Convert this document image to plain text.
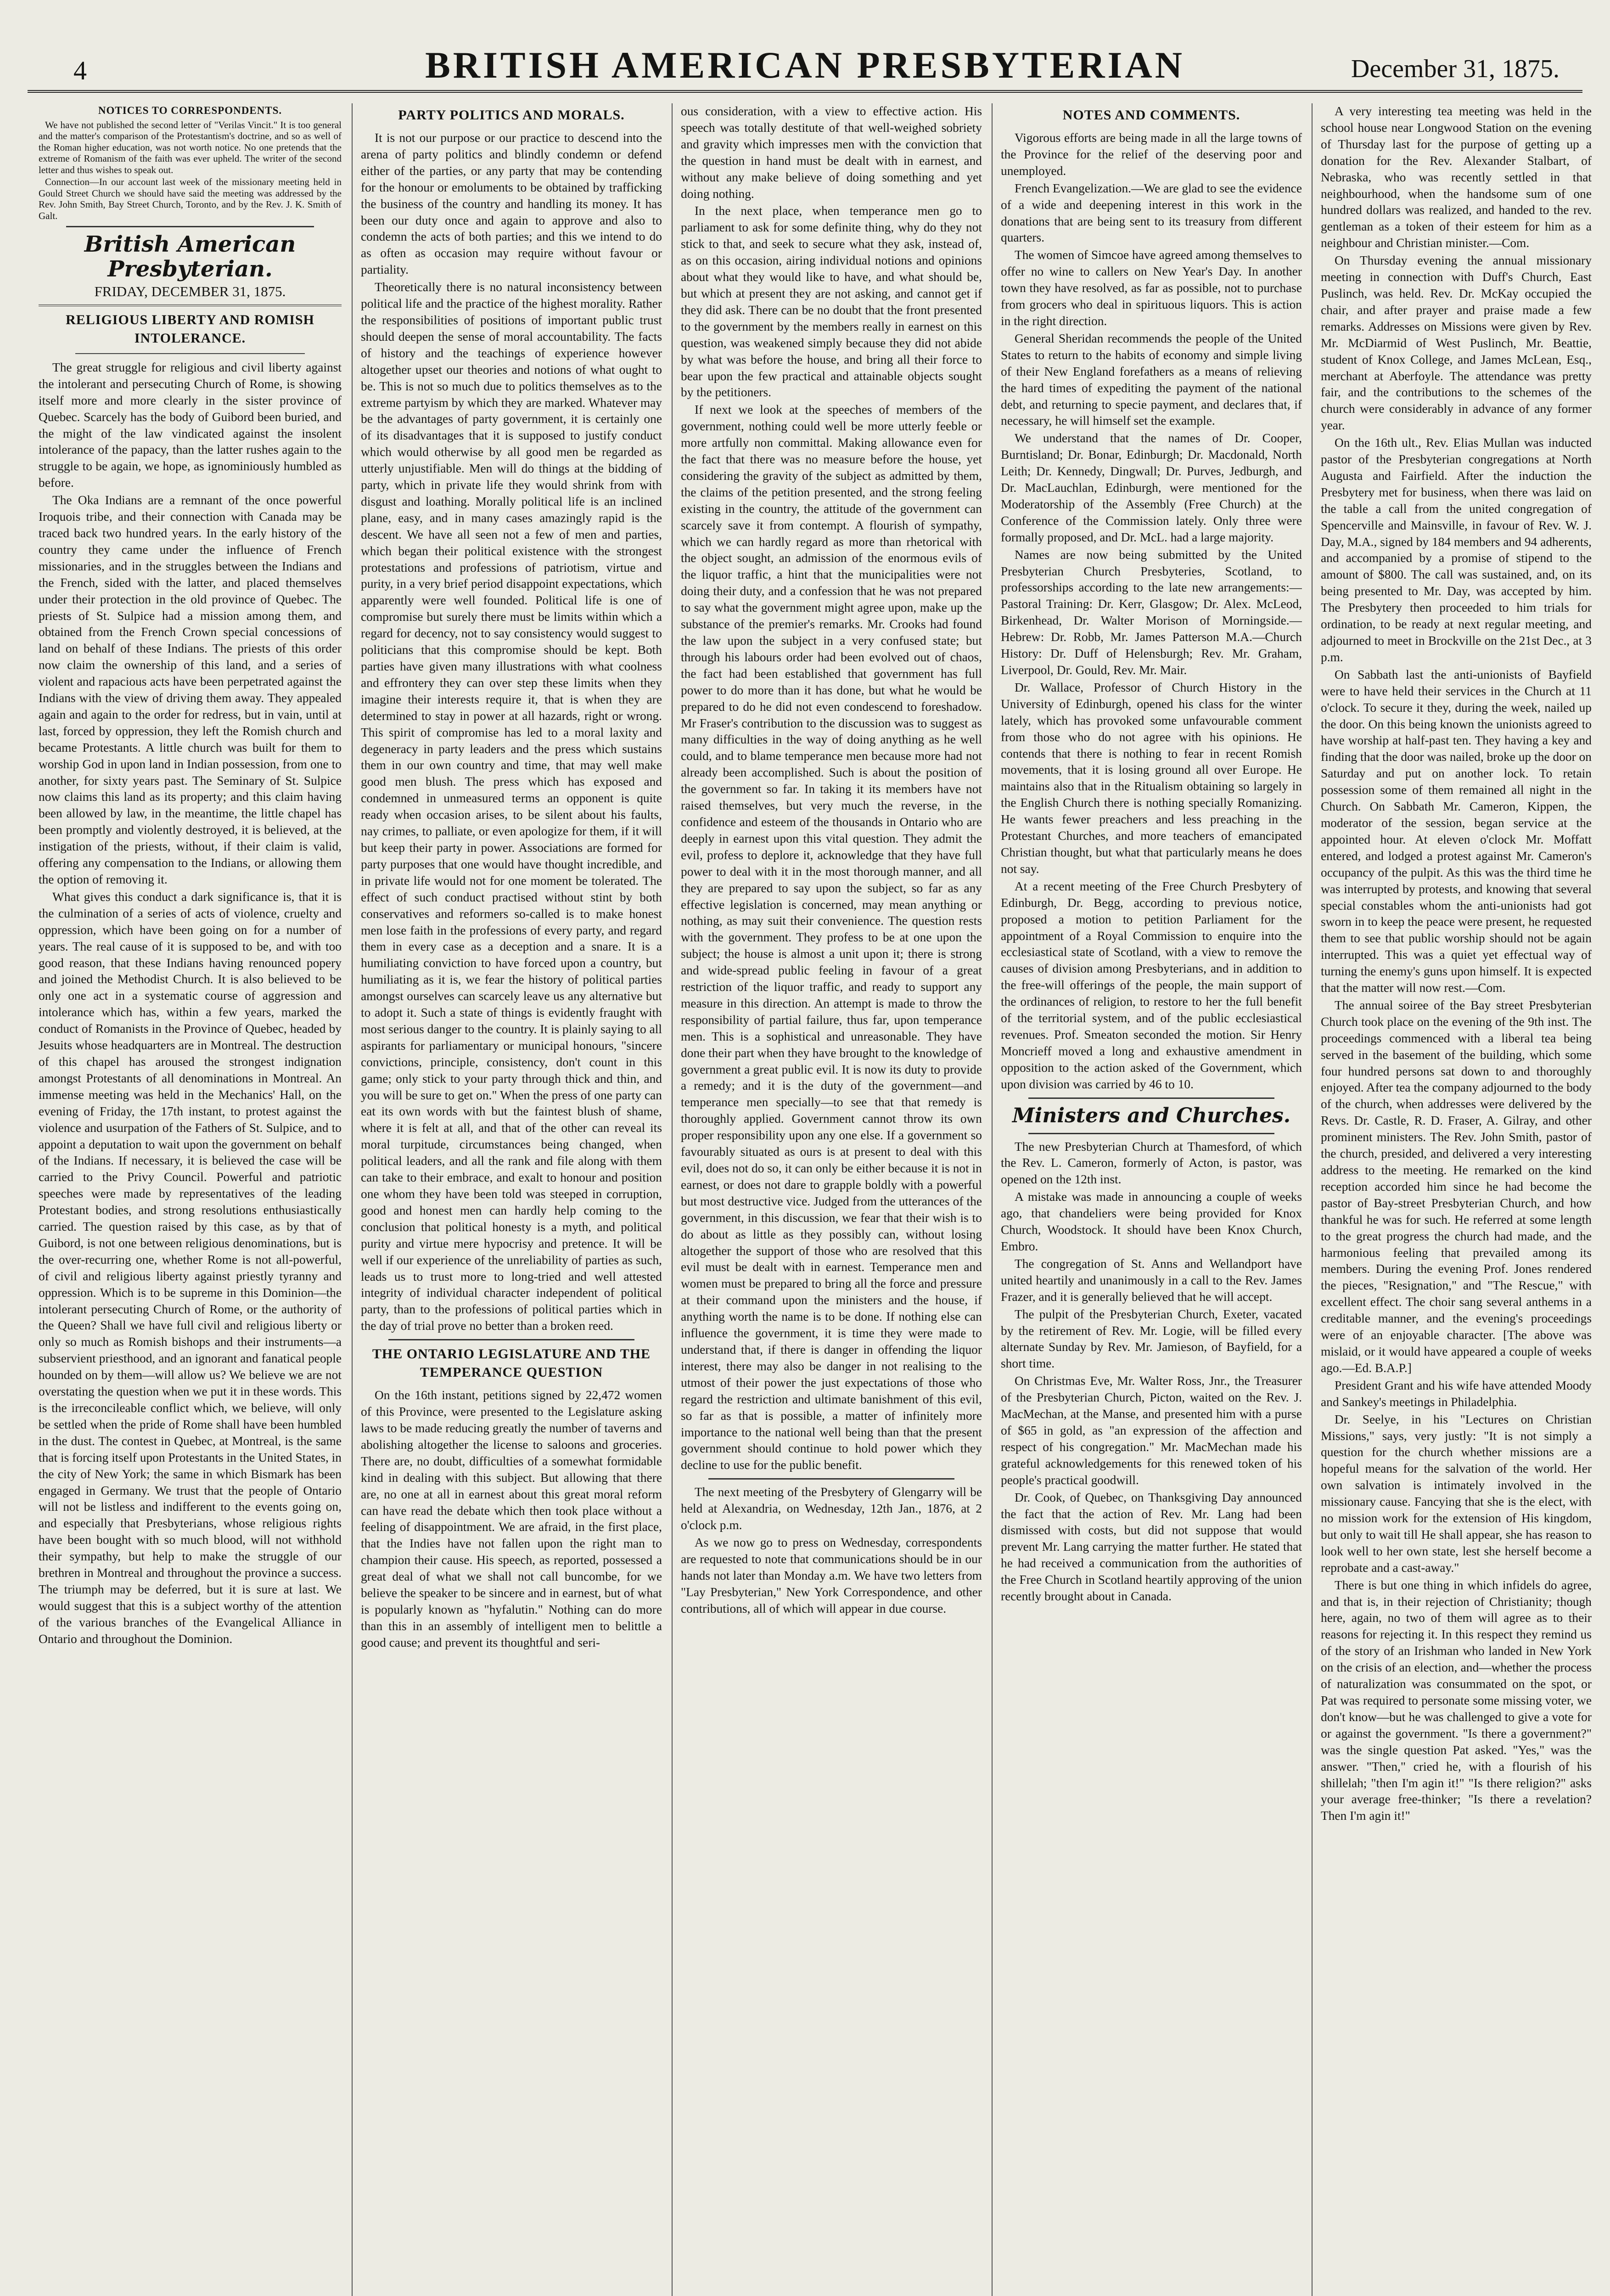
4	BRITISH AMERICAN PRESBYTERIAN	December 31, 1875.
NOTICES TO CORRESPONDENTS.

We have not published the second letter of "Verilas Vincit." It is too general and the matter's comparison of the Protestantism's doctrine, and so as well of the Roman higher education, was not worth notice. No one pretends that the extreme of Romanism of the faith was ever upheld. The writer of the second letter and thus wishes to speak out.

Connection—In our account last week of the missionary meeting held in Gould Street Church we should have said the meeting was addressed by the Rev. John Smith, Bay Street Church, Toronto, and by the Rev. J. K. Smith of Galt.

British American Presbyterian.
FRIDAY, DECEMBER 31, 1875.
RELIGIOUS LIBERTY AND ROMISH INTOLERANCE.

The great struggle for religious and civil liberty against the intolerant and persecuting Church of Rome, is showing itself more and more clearly in the sister province of Quebec. Scarcely has the body of Guibord been buried, and the might of the law vindicated against the insolent intolerance of the papacy, than the latter rushes again to the struggle to be again, we hope, as ignominiously humbled as before.

The Oka Indians are a remnant of the once powerful Iroquois tribe, and their connection with Canada may be traced back two hundred years. In the early history of the country they came under the influence of French missionaries, and in the struggles between the Indians and the French, sided with the latter, and placed themselves under their protection in the old province of Quebec. The priests of St. Sulpice had a mission among them, and obtained from the French Crown special concessions of land on behalf of these Indians. The priests of this order now claim the ownership of this land, and a series of violent and rapacious acts have been perpetrated against the Indians with the view of driving them away. They appealed again and again to the order for redress, but in vain, until at last, forced by oppression, they left the Romish church and became Protestants. A little church was built for them to worship God in upon land in Indian possession, from one to another, for sixty years past. The Seminary of St. Sulpice now claims this land as its property; and this claim having been allowed by law, in the meantime, the little chapel has been promptly and violently destroyed, it is believed, at the instigation of the priests, without, if their claim is valid, offering any compensation to the Indians, or allowing them the option of removing it.

What gives this conduct a dark significance is, that it is the culmination of a series of acts of violence, cruelty and oppression, which have been going on for a number of years. The real cause of it is supposed to be, and with too good reason, that these Indians having renounced popery and joined the Methodist Church. It is also believed to be only one act in a systematic course of aggression and intolerance which has, within a few years, marked the conduct of Romanists in the Province of Quebec, headed by Jesuits whose headquarters are in Montreal. The destruction of this chapel has aroused the strongest indignation amongst Protestants of all denominations in Montreal. An immense meeting was held in the Mechanics' Hall, on the evening of Friday, the 17th instant, to protest against the violence and usurpation of the Fathers of St. Sulpice, and to appoint a deputation to wait upon the government on behalf of the Indians. If necessary, it is believed the case will be carried to the Privy Council. Powerful and patriotic speeches were made by representatives of the leading Protestant bodies, and strong resolutions enthusiastically carried. The question raised by this case, as by that of Guibord, is not one between religious denominations, but is the over-recurring one, whether Rome is not all-powerful, of civil and religious liberty against priestly tyranny and oppression. Which is to be supreme in this Dominion—the intolerant persecuting Church of Rome, or the authority of the Queen? Shall we have full civil and religious liberty or only so much as Romish bishops and their instruments—a subservient priesthood, and an ignorant and fanatical people hounded on by them—will allow us? We believe we are not overstating the question when we put it in these words. This is the irreconcileable conflict which, we believe, will only be settled when the pride of Rome shall have been humbled in the dust. The contest in Quebec, at Montreal, is the same that is forcing itself upon Protestants in the United States, in the city of New York; the same in which Bismark has been engaged in Germany. We trust that the people of Ontario will not be listless and indifferent to the events going on, and especially that Presbyterians, whose religious rights have been bought with so much blood, will not withhold their sympathy, but help to make the struggle of our brethren in Montreal and throughout the province a success. The triumph may be deferred, but it is sure at last. We would suggest that this is a subject worthy of the attention of the various branches of the Evangelical Alliance in Ontario and throughout the Dominion.

PARTY POLITICS AND MORALS.

It is not our purpose or our practice to descend into the arena of party politics and blindly condemn or defend either of the parties, or any party that may be contending for the honour or emoluments to be obtained by trafficking the business of the country and handling its money. It has been our duty once and again to approve and also to condemn the acts of both parties; and this we intend to do as often as occasion may require without favour or partiality.

Theoretically there is no natural inconsistency between political life and the practice of the highest morality. Rather the responsibilities of positions of important public trust should deepen the sense of moral accountability. The facts of history and the teachings of experience however altogether upset our theories and notions of what ought to be. This is not so much due to politics themselves as to the extreme partyism by which they are marked. Whatever may be the advantages of party government, it is certainly one of its disadvantages that it is supposed to justify conduct which would otherwise by all good men be regarded as utterly unjustifiable. Men will do things at the bidding of party, which in private life they would shrink from with disgust and loathing. Morally political life is an inclined plane, easy, and in many cases amazingly rapid is the descent. We have all seen not a few of men and parties, which began their political existence with the strongest protestations and professions of patriotism, virtue and purity, in a very brief period disappoint expectations, which apparently were well founded. Political life is one of compromise but surely there must be limits within which a regard for decency, not to say consistency would suggest to politicians that this compromise should be kept. Both parties have given many illustrations with what coolness and effrontery they can over step these limits when they imagine their interests require it, that is when they are determined to stay in power at all hazards, right or wrong. This spirit of compromise has led to a moral laxity and degeneracy in party leaders and the press which sustains them in our own country and time, that may well make good men blush. The press which has exposed and condemned in unmeasured terms an opponent is quite ready when occasion arises, to be silent about his faults, nay crimes, to palliate, or even apologize for them, if it will but keep their party in power. Associations are formed for party purposes that one would have thought incredible, and in private life would not for one moment be tolerated. The effect of such conduct practised without stint by both conservatives and reformers so-called is to make honest men lose faith in the professions of every party, and regard them in every case as a deception and a snare. It is a humiliating conviction to have forced upon a country, but humiliating as it is, we fear the history of political parties amongst ourselves can scarcely leave us any alternative but to adopt it. Such a state of things is evidently fraught with most serious danger to the country. It is plainly saying to all aspirants for parliamentary or municipal honours, "sincere convictions, principle, consistency, don't count in this game; only stick to your party through thick and thin, and you will be sure to get on." When the press of one party can eat its own words with but the faintest blush of shame, where it is felt at all, and that of the other can reveal its moral turpitude, circumstances being changed, when political leaders, and all the rank and file along with them can take to their embrace, and exalt to honour and position one whom they have been told was steeped in corruption, good and honest men can hardly help coming to the conclusion that political honesty is a myth, and political purity and virtue mere hypocrisy and pretence. It will be well if our experience of the unreliability of parties as such, leads us to trust more to long-tried and well attested integrity of individual character independent of political party, than to the professions of political parties which in the day of trial prove no better than a broken reed.

THE ONTARIO LEGISLATURE AND THE TEMPERANCE QUESTION

On the 16th instant, petitions signed by 22,472 women of this Province, were presented to the Legislature asking laws to be made reducing greatly the number of taverns and abolishing altogether the license to saloons and groceries. There are, no doubt, difficulties of a somewhat formidable kind in dealing with this subject. But allowing that there are, no one at all in earnest about this great moral reform can have read the debate which then took place without a feeling of disappointment. We are afraid, in the first place, that the Indies have not fallen upon the right man to champion their cause. His speech, as reported, possessed a great deal of what we shall not call buncombe, for we believe the speaker to be sincere and in earnest, but of what is popularly known as "hyfalutin." Nothing can do more than this in an assembly of intelligent men to belittle a good cause; and prevent its thoughtful and seri-

ous consideration, with a view to effective action. His speech was totally destitute of that well-weighed sobriety and gravity which impresses men with the conviction that the question in hand must be dealt with in earnest, and without any make believe of doing something and yet doing nothing.

In the next place, when temperance men go to parliament to ask for some definite thing, why do they not stick to that, and seek to secure what they ask, instead of, as on this occasion, airing individual notions and opinions about what they would like to have, and what should be, but which at present they are not asking, and cannot get if they did ask. There can be no doubt that the front presented to the government by the members really in earnest on this question, was weakened simply because they did not abide by what was before the house, and bring all their force to bear upon the few practical and attainable objects sought by the petitioners.

If next we look at the speeches of members of the government, nothing could well be more utterly feeble or more artfully non committal. Making allowance even for the fact that there was no measure before the house, yet considering the gravity of the subject as admitted by them, the claims of the petition presented, and the strong feeling existing in the country, the attitude of the government can scarcely save it from contempt. A flourish of sympathy, which we can hardly regard as more than rhetorical with the object sought, an admission of the enormous evils of the liquor traffic, a hint that the municipalities were not doing their duty, and a confession that he was not prepared to say what the government might agree upon, make up the substance of the premier's remarks. Mr. Crooks had found the law upon the subject in a very confused state; but through his labours order had been evolved out of chaos, the fact had been established that government has full power to do more than it has done, but what he would be prepared to do he did not even condescend to foreshadow. Mr Fraser's contribution to the discussion was to suggest as many difficulties in the way of doing anything as he well could, and to blame temperance men because more had not already been accomplished. Such is about the position of the government so far. In taking it its members have not raised themselves, but very much the reverse, in the confidence and esteem of the thousands in Ontario who are deeply in earnest upon this vital question. They admit the evil, profess to deplore it, acknowledge that they have full power to deal with it in the most thorough manner, and all they are prepared to say upon the subject, so far as any effective legislation is concerned, may mean anything or nothing, as may suit their convenience. The question rests with the government. They profess to be at one upon the subject; the house is almost a unit upon it; there is strong and wide-spread public feeling in favour of a great restriction of the liquor traffic, and ready to support any measure in this direction. An attempt is made to throw the responsibility of partial failure, thus far, upon temperance men. This is a sophistical and unreasonable. They have done their part when they have brought to the knowledge of government a great public evil. It is now its duty to provide a remedy; and it is the duty of the government—and temperance men specially—to see that that remedy is thoroughly applied. Government cannot throw its own proper responsibility upon any one else. If a government so favourably situated as ours is at present to deal with this evil, does not do so, it can only be either because it is not in earnest, or does not dare to grapple boldly with a powerful but most destructive vice. Judged from the utterances of the government, in this discussion, we fear that their wish is to do about as little as they possibly can, without losing altogether the support of those who are resolved that this evil must be dealt with in earnest. Temperance men and women must be prepared to bring all the force and pressure at their command upon the ministers and the house, if anything worth the name is to be done. If nothing else can influence the government, it is time they were made to understand that, if there is danger in offending the liquor interest, there may also be danger in not realising to the utmost of their power the just expectations of those who regard the restriction and ultimate banishment of this evil, so far as that is possible, a matter of infinitely more importance to the national well being than that the present government should continue to hold power which they decline to use for the public benefit.

The next meeting of the Presbytery of Glengarry will be held at Alexandria, on Wednesday, 12th Jan., 1876, at 2 o'clock p.m.

As we now go to press on Wednesday, correspondents are requested to note that communications should be in our hands not later than Monday a.m. We have two letters from "Lay Presbyterian," New York Correspondence, and other contributions, all of which will appear in due course.

NOTES AND COMMENTS.

Vigorous efforts are being made in all the large towns of the Province for the relief of the deserving poor and unemployed.

French Evangelization.—We are glad to see the evidence of a wide and deepening interest in this work in the donations that are being sent to its treasury from different quarters.

The women of Simcoe have agreed among themselves to offer no wine to callers on New Year's Day. In another town they have resolved, as far as possible, not to purchase from grocers who deal in spirituous liquors. This is action in the right direction.

General Sheridan recommends the people of the United States to return to the habits of economy and simple living of their New England forefathers as a means of relieving the hard times of expediting the payment of the national debt, and returning to specie payment, and declares that, if necessary, he will himself set the example.

We understand that the names of Dr. Cooper, Burntisland; Dr. Bonar, Edinburgh; Dr. Macdonald, North Leith; Dr. Kennedy, Dingwall; Dr. Purves, Jedburgh, and Dr. MacLauchlan, Edinburgh, were mentioned for the Moderatorship of the Assembly (Free Church) at the Conference of the Commission lately. Only three were formally proposed, and Dr. McL. had a large majority.

Names are now being submitted by the United Presbyterian Church Presbyteries, Scotland, to professorships according to the late new arrangements:—Pastoral Training: Dr. Kerr, Glasgow; Dr. Alex. McLeod, Birkenhead, Dr. Walter Morison of Morningside.—Hebrew: Dr. Robb, Mr. James Patterson M.A.—Church History: Dr. Duff of Helensburgh; Rev. Mr. Graham, Liverpool, Dr. Gould, Rev. Mr. Mair.

Dr. Wallace, Professor of Church History in the University of Edinburgh, opened his class for the winter lately, which has provoked some unfavourable comment from those who do not agree with his opinions. He contends that there is nothing to fear in recent Romish movements, that it is losing ground all over Europe. He maintains also that in the Ritualism obtaining so largely in the English Church there is nothing specially Romanizing. He wants fewer preachers and less preaching in the Protestant Churches, and more teachers of emancipated Christian thought, but what that particularly means he does not say.

At a recent meeting of the Free Church Presbytery of Edinburgh, Dr. Begg, according to previous notice, proposed a motion to petition Parliament for the appointment of a Royal Commission to enquire into the ecclesiastical state of Scotland, with a view to remove the causes of division among Presbyterians, and in addition to the free-will offerings of the people, the main support of the ordinances of religion, to restore to her the full benefit of the territorial system, and of the public ecclesiastical revenues. Prof. Smeaton seconded the motion. Sir Henry Moncrieff moved a long and exhaustive amendment in opposition to the action asked of the Government, which upon division was carried by 46 to 10.

Ministers and Churches.

The new Presbyterian Church at Thamesford, of which the Rev. L. Cameron, formerly of Acton, is pastor, was opened on the 12th inst.

A mistake was made in announcing a couple of weeks ago, that chandeliers were being provided for Knox Church, Woodstock. It should have been Knox Church, Embro.

The congregation of St. Anns and Wellandport have united heartily and unanimously in a call to the Rev. James Frazer, and it is generally believed that he will accept.

The pulpit of the Presbyterian Church, Exeter, vacated by the retirement of Rev. Mr. Logie, will be filled every alternate Sunday by Rev. Mr. Jamieson, of Bayfield, for a short time.

On Christmas Eve, Mr. Walter Ross, Jnr., the Treasurer of the Presbyterian Church, Picton, waited on the Rev. J. MacMechan, at the Manse, and presented him with a purse of $65 in gold, as "an expression of the affection and respect of his congregation." Mr. MacMechan made his grateful acknowledgements for this renewed token of his people's practical goodwill.

Dr. Cook, of Quebec, on Thanksgiving Day announced the fact that the action of Rev. Mr. Lang had been dismissed with costs, but did not suppose that would prevent Mr. Lang carrying the matter further. He stated that he had received a communication from the authorities of the Free Church in Scotland heartily approving of the union recently brought about in Canada.

A very interesting tea meeting was held in the school house near Longwood Station on the evening of Thursday last for the purpose of getting up a donation for the Rev. Alexander Stalbart, of Nebraska, who was recently settled in that neighbourhood, when the handsome sum of one hundred dollars was realized, and handed to the rev. gentleman as a token of their esteem for him as a neighbour and Christian minister.—Com.

On Thursday evening the annual missionary meeting in connection with Duff's Church, East Puslinch, was held. Rev. Dr. McKay occupied the chair, and after prayer and praise made a few remarks. Addresses on Missions were given by Rev. Mr. McDiarmid of West Puslinch, Mr. Beattie, student of Knox College, and James McLean, Esq., merchant at Aberfoyle. The attendance was pretty fair, and the contributions to the schemes of the church were considerably in advance of any former year.

On the 16th ult., Rev. Elias Mullan was inducted pastor of the Presbyterian congregations at North Augusta and Fairfield. After the induction the Presbytery met for business, when there was laid on the table a call from the united congregation of Spencerville and Mainsville, in favour of Rev. W. J. Day, M.A., signed by 184 members and 94 adherents, and accompanied by a promise of stipend to the amount of $800. The call was sustained, and, on its being presented to Mr. Day, was accepted by him. The Presbytery then proceeded to him trials for ordination, to be ready at next regular meeting, and adjourned to meet in Brockville on the 21st Dec., at 3 p.m.

On Sabbath last the anti-unionists of Bayfield were to have held their services in the Church at 11 o'clock. To secure it they, during the week, nailed up the door. On this being known the unionists agreed to have worship at half-past ten. They having a key and finding that the door was nailed, broke up the door on Saturday and put on another lock. To retain possession some of them remained all night in the Church. On Sabbath Mr. Cameron, Kippen, the moderator of the session, began service at the appointed hour. At eleven o'clock Mr. Moffatt entered, and lodged a protest against Mr. Cameron's occupancy of the pulpit. As this was the third time he was interrupted by protests, and knowing that several special constables whom the anti-unionists had got sworn in to keep the peace were present, he requested them to see that public worship should not be again interrupted. This was a quiet yet effectual way of turning the enemy's guns upon himself. It is expected that the matter will now rest.—Com.

The annual soiree of the Bay street Presbyterian Church took place on the evening of the 9th inst. The proceedings commenced with a liberal tea being served in the basement of the building, which some four hundred persons sat down to and thoroughly enjoyed. After tea the company adjourned to the body of the church, when addresses were delivered by the Revs. Dr. Castle, R. D. Fraser, A. Gilray, and other prominent ministers. The Rev. John Smith, pastor of the church, presided, and delivered a very interesting address to the meeting. He remarked on the kind reception accorded him since he had become the pastor of Bay-street Presbyterian Church, and how thankful he was for such. He referred at some length to the great progress the church had made, and the harmonious feeling that prevailed among its members. During the evening Prof. Jones rendered the pieces, "Resignation," and "The Rescue," with excellent effect. The choir sang several anthems in a creditable manner, and the evening's proceedings were of an enjoyable character. [The above was mislaid, or it would have appeared a couple of weeks ago.—Ed. B.A.P.]

President Grant and his wife have attended Moody and Sankey's meetings in Philadelphia.

Dr. Seelye, in his "Lectures on Christian Missions," says, very justly: "It is not simply a question for the church whether missions are a hopeful means for the salvation of the world. Her own salvation is intimately involved in the missionary cause. Fancying that she is the elect, with no mission work for the extension of His kingdom, but only to wait till He shall appear, she has reason to look well to her own state, lest she herself become a reprobate and a cast-away."

There is but one thing in which infidels do agree, and that is, in their rejection of Christianity; though here, again, no two of them will agree as to their reasons for rejecting it. In this respect they remind us of the story of an Irishman who landed in New York on the crisis of an election, and—whether the process of naturalization was consummated on the spot, or Pat was required to personate some missing voter, we don't know—but he was challenged to give a vote for or against the government. "Is there a government?" was the single question Pat asked. "Yes," was the answer. "Then," cried he, with a flourish of his shillelah; "then I'm agin it!" "Is there religion?" asks your average free-thinker; "Is there a revelation? Then I'm agin it!"
